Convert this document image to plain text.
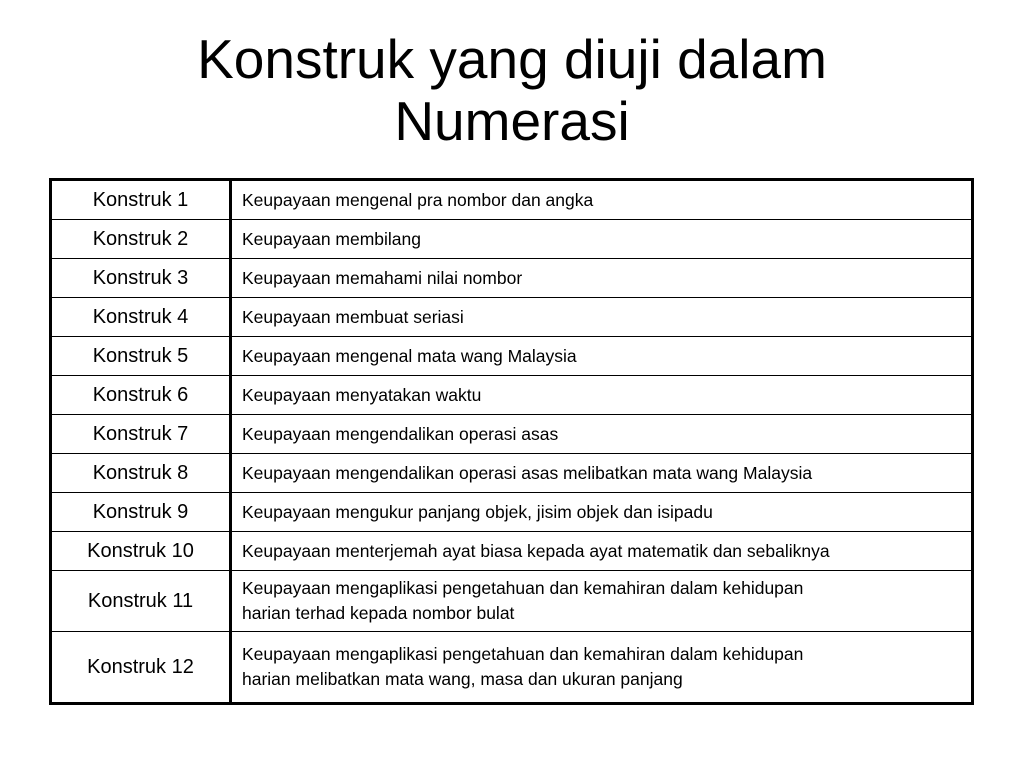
Konstruk yang diuji dalam
Numerasi
Konstruk 1	Keupayaan mengenal pra nombor dan angka
Konstruk 2	Keupayaan membilang
Konstruk 3	Keupayaan memahami nilai nombor
Konstruk 4	Keupayaan membuat seriasi
Konstruk 5	Keupayaan mengenal mata wang Malaysia
Konstruk 6	Keupayaan menyatakan waktu
Konstruk 7	Keupayaan mengendalikan operasi asas
Konstruk 8	Keupayaan mengendalikan operasi asas melibatkan mata wang Malaysia
Konstruk 9	Keupayaan mengukur panjang objek, jisim objek dan isipadu
Konstruk 10	Keupayaan menterjemah ayat biasa kepada ayat matematik dan sebaliknya
Konstruk 11	Keupayaan mengaplikasi pengetahuan dan kemahiran dalam kehidupan
harian terhad kepada nombor bulat

Konstruk 12	Keupayaan mengaplikasi pengetahuan dan kemahiran dalam kehidupan
harian melibatkan mata wang, masa dan ukuran panjang
